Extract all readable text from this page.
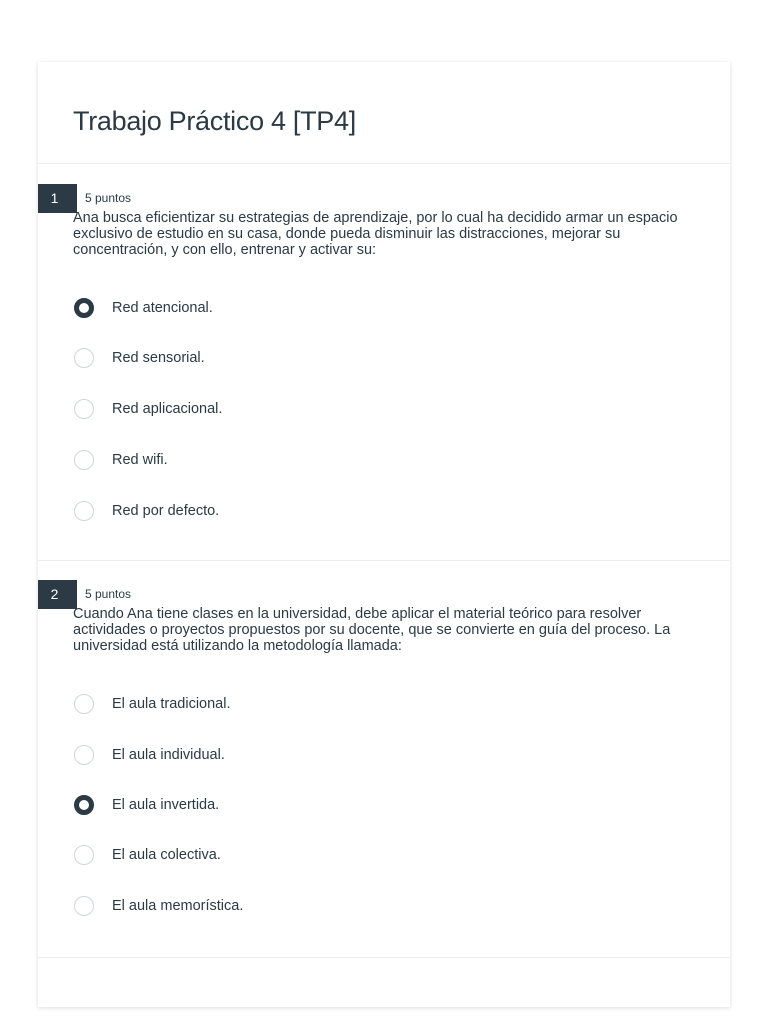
Trabajo Práctico 4 [TP4]
1	5 puntos
Ana busca eficientizar su estrategias de aprendizaje, por lo cual ha decidido armar un espacio exclusivo de estudio en su casa, donde pueda disminuir las distracciones, mejorar su concentración, y con ello, entrenar y activar su:
Red atencional.
Red sensorial.
Red aplicacional.
Red wifi.
Red por defecto.
2	5 puntos
Cuando Ana tiene clases en la universidad, debe aplicar el material teórico para resolver actividades o proyectos propuestos por su docente, que se convierte en guía del proceso. La universidad está utilizando la metodología llamada:
El aula tradicional.
El aula individual.
El aula invertida.
El aula colectiva.
El aula memorística.
